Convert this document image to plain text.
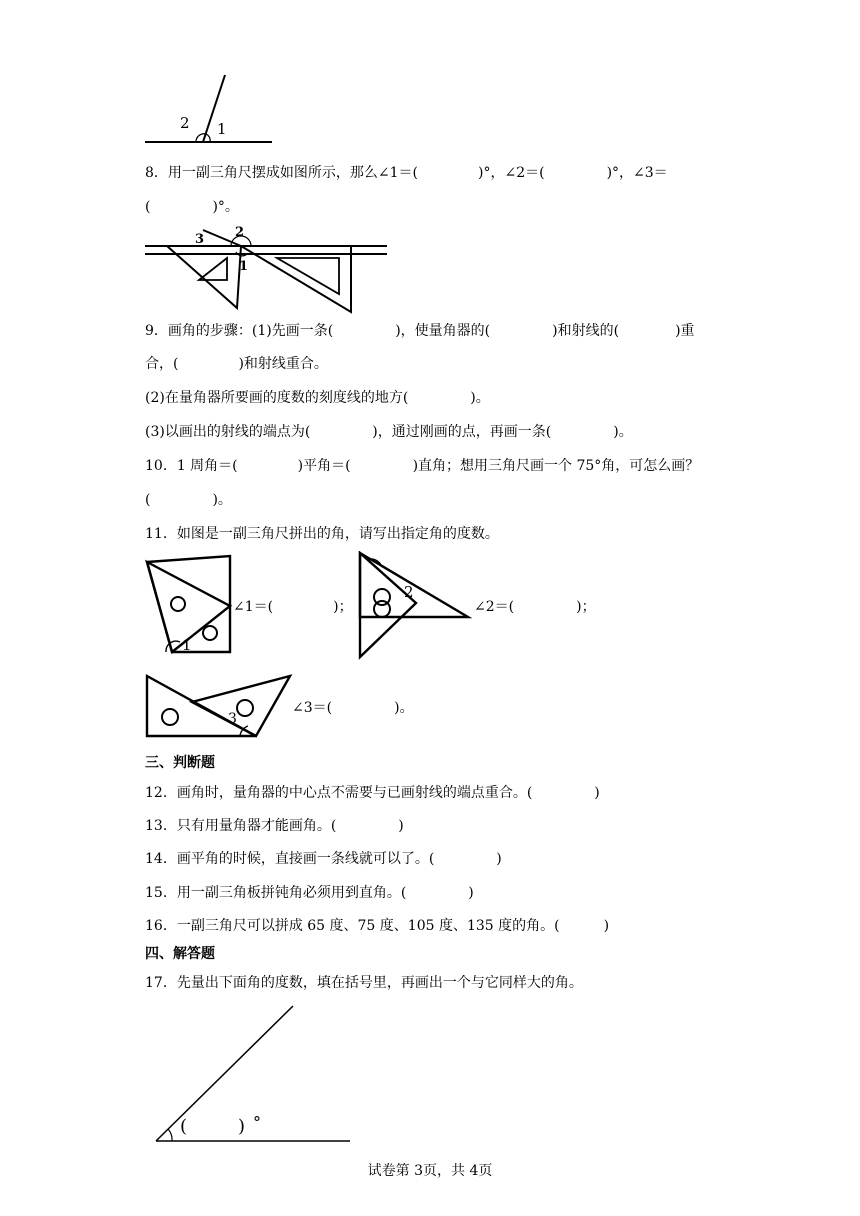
2 1
8．用一副三角尺摆成如图所示，那么∠1＝(	)°，∠2＝(	)°，∠3＝
(	)°。
3 2
1
9．画角的步骤：(1)先画一条(	)，使量角器的(	)和射线的(	)重
合，(	)和射线重合。
(2)在量角器所要画的度数的刻度线的地方(	)。
(3)以画出的射线的端点为(	)，通过刚画的点，再画一条(	)。
10．1 周角＝(	)平角＝(	)直角；想用三角尺画一个 75°角，可怎么画？
(	)。
11．如图是一副三角尺拼出的角，请写出指定角的度数。
1
∠1＝(	)；
2
∠2＝(	)；
3
∠3＝(	)。
三、判断题
12．画角时，量角器的中心点不需要与已画射线的端点重合。(	)
13．只有用量角器才能画角。(	)
14．画平角的时候，直接画一条线就可以了。(	)
15．用一副三角板拼钝角必须用到直角。(	)
16．一副三角尺可以拼成 65 度、75 度、105 度、135 度的角。(	)
四、解答题
17．先量出下面角的度数，填在括号里，再画出一个与它同样大的角。
(	) °
试卷第 3页，共 4页
